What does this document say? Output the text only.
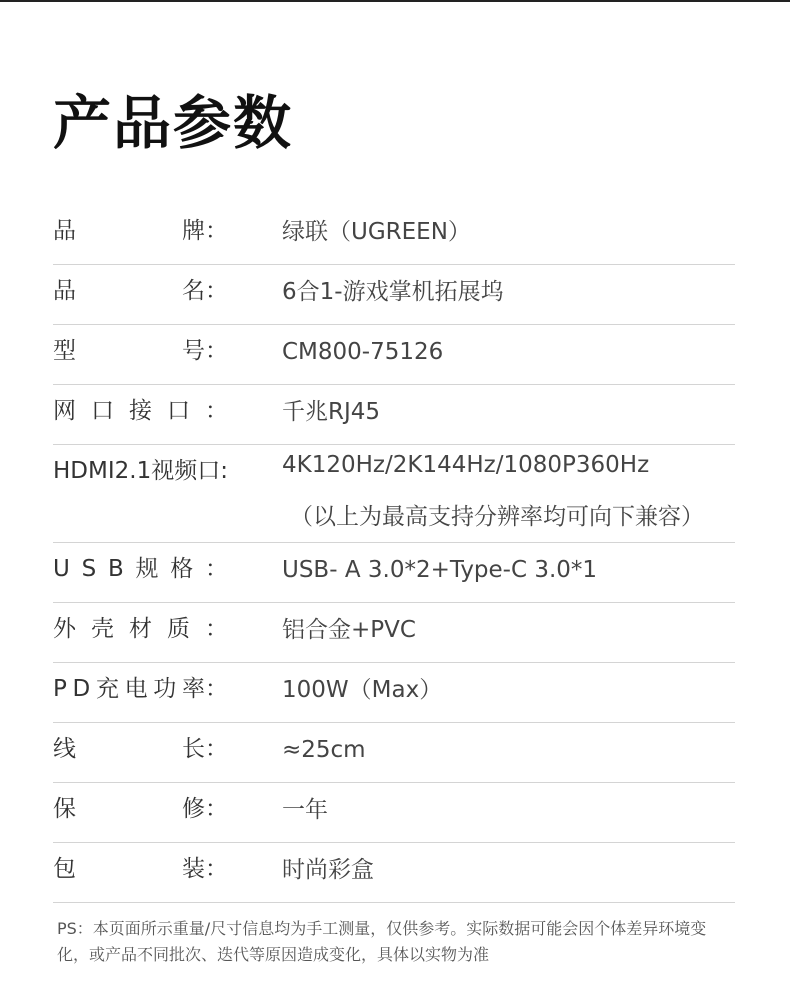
产品参数
品	牌： 绿联（UGREEN）
品	名： 6合1-游戏掌机拓展坞
型	号： CM800-75126
网 口 接 口 ： 千兆RJ45
HDMI2.1视频口: 4K120Hz/2K144Hz/1080P360Hz
（以上为最高支持分辨率均可向下兼容）
U S B 规 格 ： USB- A 3.0*2+Type-C 3.0*1
外 壳 材 质 ： 铝合金+PVC
P D 充 电 功 率： 100W（Max）
线	长： ≈25cm
保	修： 一年
包	装： 时尚彩盒
PS：本页面所示重量/尺寸信息均为手工测量，仅供参考。实际数据可能会因个体差异环境变化，或产品不同批次、迭代等原因造成变化，具体以实物为准
